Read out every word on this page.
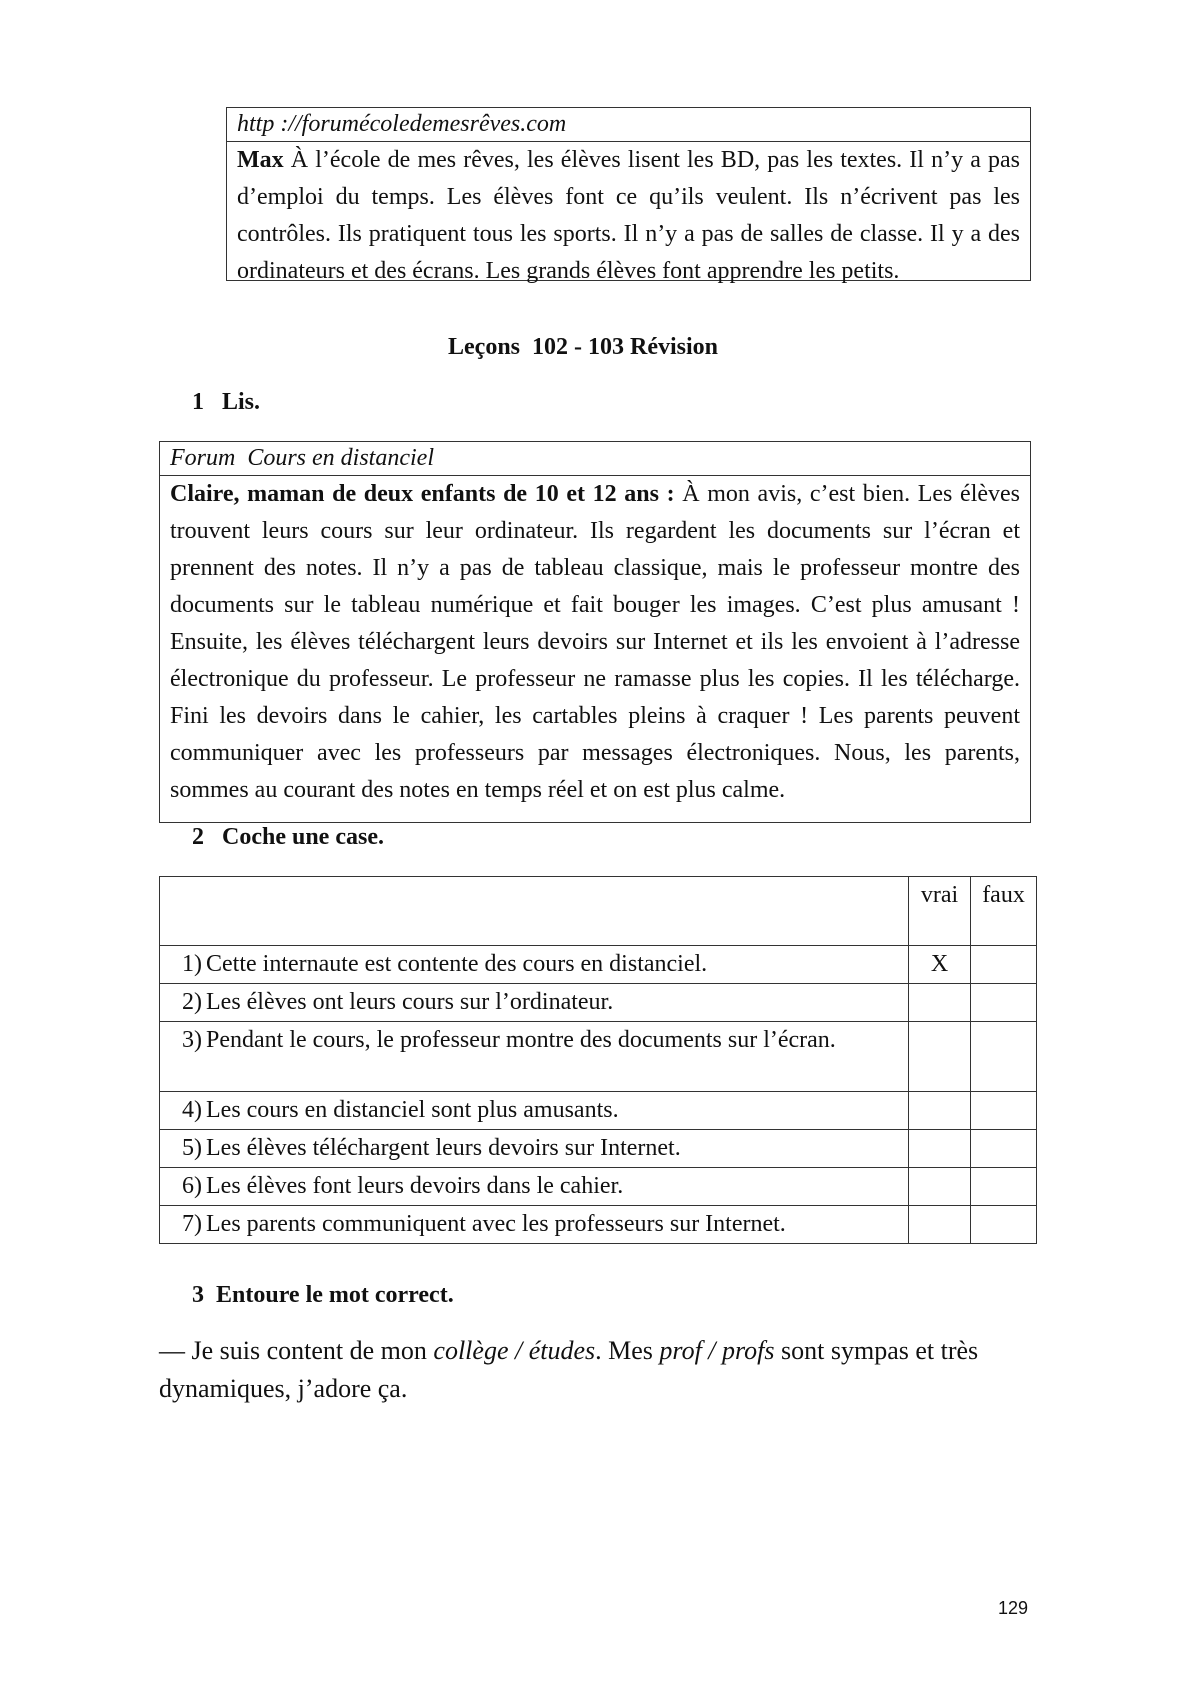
http ://forumécoledemesrêves.com
Max À l’école de mes rêves, les élèves lisent les BD, pas les textes. Il n’y a pas d’emploi du temps. Les élèves font ce qu’ils veulent. Ils n’écrivent pas les contrôles. Ils pratiquent tous les sports. Il n’y a pas de salles de classe. Il y a des ordinateurs et des écrans. Les grands élèves font apprendre les petits.
Leçons  102 - 103 Révision
1   Lis.
Forum  Cours en distanciel
Claire, maman de deux enfants de 10 et 12 ans : À mon avis, c’est bien. Les élèves trouvent leurs cours sur leur ordinateur. Ils regardent les documents sur l’écran et prennent des notes. Il n’y a pas de tableau classique, mais le professeur montre des documents sur le tableau numérique et fait bouger les images. C’est plus amusant ! Ensuite, les élèves téléchargent leurs devoirs sur Internet et ils les envoient à l’adresse électronique du professeur. Le professeur ne ramasse plus les copies. Il les télécharge. Fini les devoirs dans le cahier, les cartables pleins à craquer ! Les parents peuvent communiquer avec les professeurs par messages électroniques. Nous, les parents, sommes au courant des notes en temps réel et on est plus calme.
2   Coche une case.
	vrai	faux

1) Cette internaute est contente des cours en distanciel.	X	

2) Les élèves ont leurs cours sur l’ordinateur.		

3) Pendant le cours, le professeur montre des documents sur l’écran.		

4) Les cours en distanciel sont plus amusants.		

5) Les élèves téléchargent leurs devoirs sur Internet.		

6) Les élèves font leurs devoirs dans le cahier.		

7) Les parents communiquent avec les professeurs sur Internet.		

3  Entoure le mot correct.
— Je suis content de mon collège / études. Mes prof / profs sont sympas et très dynamiques, j’adore ça.
129
